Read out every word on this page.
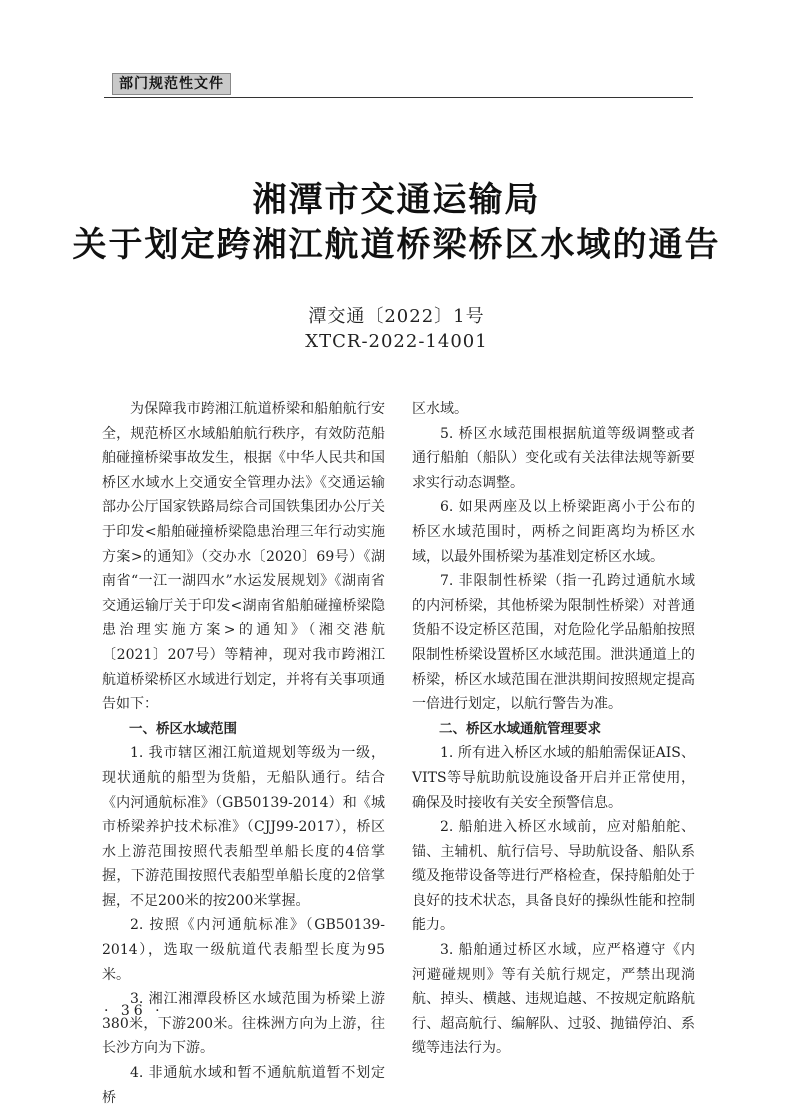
部门规范性文件
湘潭市交通运输局
关于划定跨湘江航道桥梁桥区水域的通告
潭交通〔2022〕1号
XTCR-2022-14001

为保障我市跨湘江航道桥梁和船舶航行安全，规范桥区水域船舶航行秩序，有效防范船舶碰撞桥梁事故发生，根据《中华人民共和国桥区水域水上交通安全管理办法》《交通运输部办公厅国家铁路局综合司国铁集团办公厅关于印发<船舶碰撞桥梁隐患治理三年行动实施方案>的通知》（交办水〔2020〕69号）《湖南省“一江一湖四水”水运发展规划》《湖南省交通运输厅关于印发<湖南省船舶碰撞桥梁隐患治理实施方案>的通知》（湘交港航〔2021〕207号）等精神，现对我市跨湘江航道桥梁桥区水域进行划定，并将有关事项通告如下：

一、桥区水域范围

1. 我市辖区湘江航道规划等级为一级，现状通航的船型为货船，无船队通行。结合《内河通航标准》（GB50139-2014）和《城市桥梁养护技术标准》（CJJ99-2017），桥区水上游范围按照代表船型单船长度的4倍掌握，下游范围按照代表船型单船长度的2倍掌握，不足200米的按200米掌握。

2. 按照《内河通航标准》（GB50139-2014），选取一级航道代表船型长度为95米。

3. 湘江湘潭段桥区水域范围为桥梁上游380米，下游200米。往株洲方向为上游，往长沙方向为下游。

4. 非通航水域和暂不通航航道暂不划定桥

区水域。

5. 桥区水域范围根据航道等级调整或者通行船舶（船队）变化或有关法律法规等新要求实行动态调整。

6. 如果两座及以上桥梁距离小于公布的桥区水域范围时，两桥之间距离均为桥区水域，以最外围桥梁为基准划定桥区水域。

7. 非限制性桥梁（指一孔跨过通航水域的内河桥梁，其他桥梁为限制性桥梁）对普通货船不设定桥区范围，对危险化学品船舶按照限制性桥梁设置桥区水域范围。泄洪通道上的桥梁，桥区水域范围在泄洪期间按照规定提高一倍进行划定，以航行警告为准。

二、桥区水域通航管理要求

1. 所有进入桥区水域的船舶需保证AIS、VITS等导航助航设施设备开启并正常使用，确保及时接收有关安全预警信息。

2. 船舶进入桥区水域前，应对船舶舵、锚、主辅机、航行信号、导助航设备、船队系缆及拖带设备等进行严格检查，保持船舶处于良好的技术状态，具备良好的操纵性能和控制能力。

3. 船舶通过桥区水域，应严格遵守《内河避碰规则》等有关航行规定，严禁出现淌航、掉头、横越、违规追越、不按规定航路航行、超高航行、编解队、过驳、抛锚停泊、系缆等违法行为。

· 36 ·
